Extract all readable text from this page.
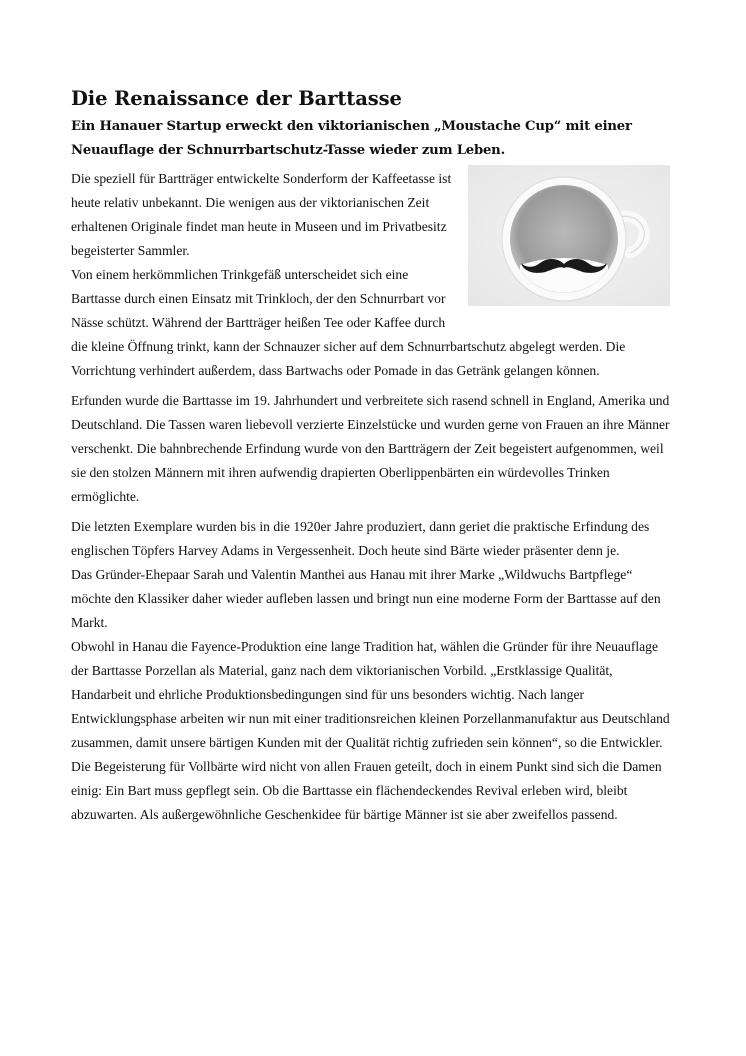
Die Renaissance der Barttasse
Ein Hanauer Startup erweckt den viktorianischen „Moustache Cup“ mit einer Neuauflage der Schnurrbartschutz-Tasse wieder zum Leben.

Die speziell für Bartträger entwickelte Sonderform der Kaffeetasse ist heute relativ unbekannt. Die wenigen aus der viktorianischen Zeit erhaltenen Originale findet man heute in Museen und im Privatbesitz begeisterter Sammler.

Von einem herkömmlichen Trinkgefäß unterscheidet sich eine Barttasse durch einen Einsatz mit Trinkloch, der den Schnurrbart vor Nässe schützt. Während der Bartträger heißen Tee oder Kaffee durch die kleine Öffnung trinkt, kann der Schnauzer sicher auf dem Schnurrbartschutz abgelegt werden. Die Vorrichtung verhindert außerdem, dass Bartwachs oder Pomade in das Getränk gelangen können.

Erfunden wurde die Barttasse im 19. Jahrhundert und verbreitete sich rasend schnell in England, Amerika und Deutschland. Die Tassen waren liebevoll verzierte Einzelstücke und wurden gerne von Frauen an ihre Männer verschenkt. Die bahnbrechende Erfindung wurde von den Bartträgern der Zeit begeistert aufgenommen, weil sie den stolzen Männern mit ihren aufwendig drapierten Oberlippenbärten ein würdevolles Trinken ermöglichte.

Die letzten Exemplare wurden bis in die 1920er Jahre produziert, dann geriet die praktische Erfindung des englischen Töpfers Harvey Adams in Vergessenheit. Doch heute sind Bärte wieder präsenter denn je.

Das Gründer-Ehepaar Sarah und Valentin Manthei aus Hanau mit ihrer Marke „Wildwuchs Bartpflege“ möchte den Klassiker daher wieder aufleben lassen und bringt nun eine moderne Form der Barttasse auf den Markt.

Obwohl in Hanau die Fayence-Produktion eine lange Tradition hat, wählen die Gründer für ihre Neuauflage der Barttasse Porzellan als Material, ganz nach dem viktorianischen Vorbild. „Erstklassige Qualität, Handarbeit und ehrliche Produktionsbedingungen sind für uns besonders wichtig. Nach langer Entwicklungsphase arbeiten wir nun mit einer traditionsreichen kleinen Porzellanmanufaktur aus Deutschland zusammen, damit unsere bärtigen Kunden mit der Qualität richtig zufrieden sein können“, so die Entwickler.

Die Begeisterung für Vollbärte wird nicht von allen Frauen geteilt, doch in einem Punkt sind sich die Damen einig: Ein Bart muss gepflegt sein. Ob die Barttasse ein flächendeckendes Revival erleben wird, bleibt abzuwarten. Als außergewöhnliche Geschenkidee für bärtige Männer ist sie aber zweifellos passend.
